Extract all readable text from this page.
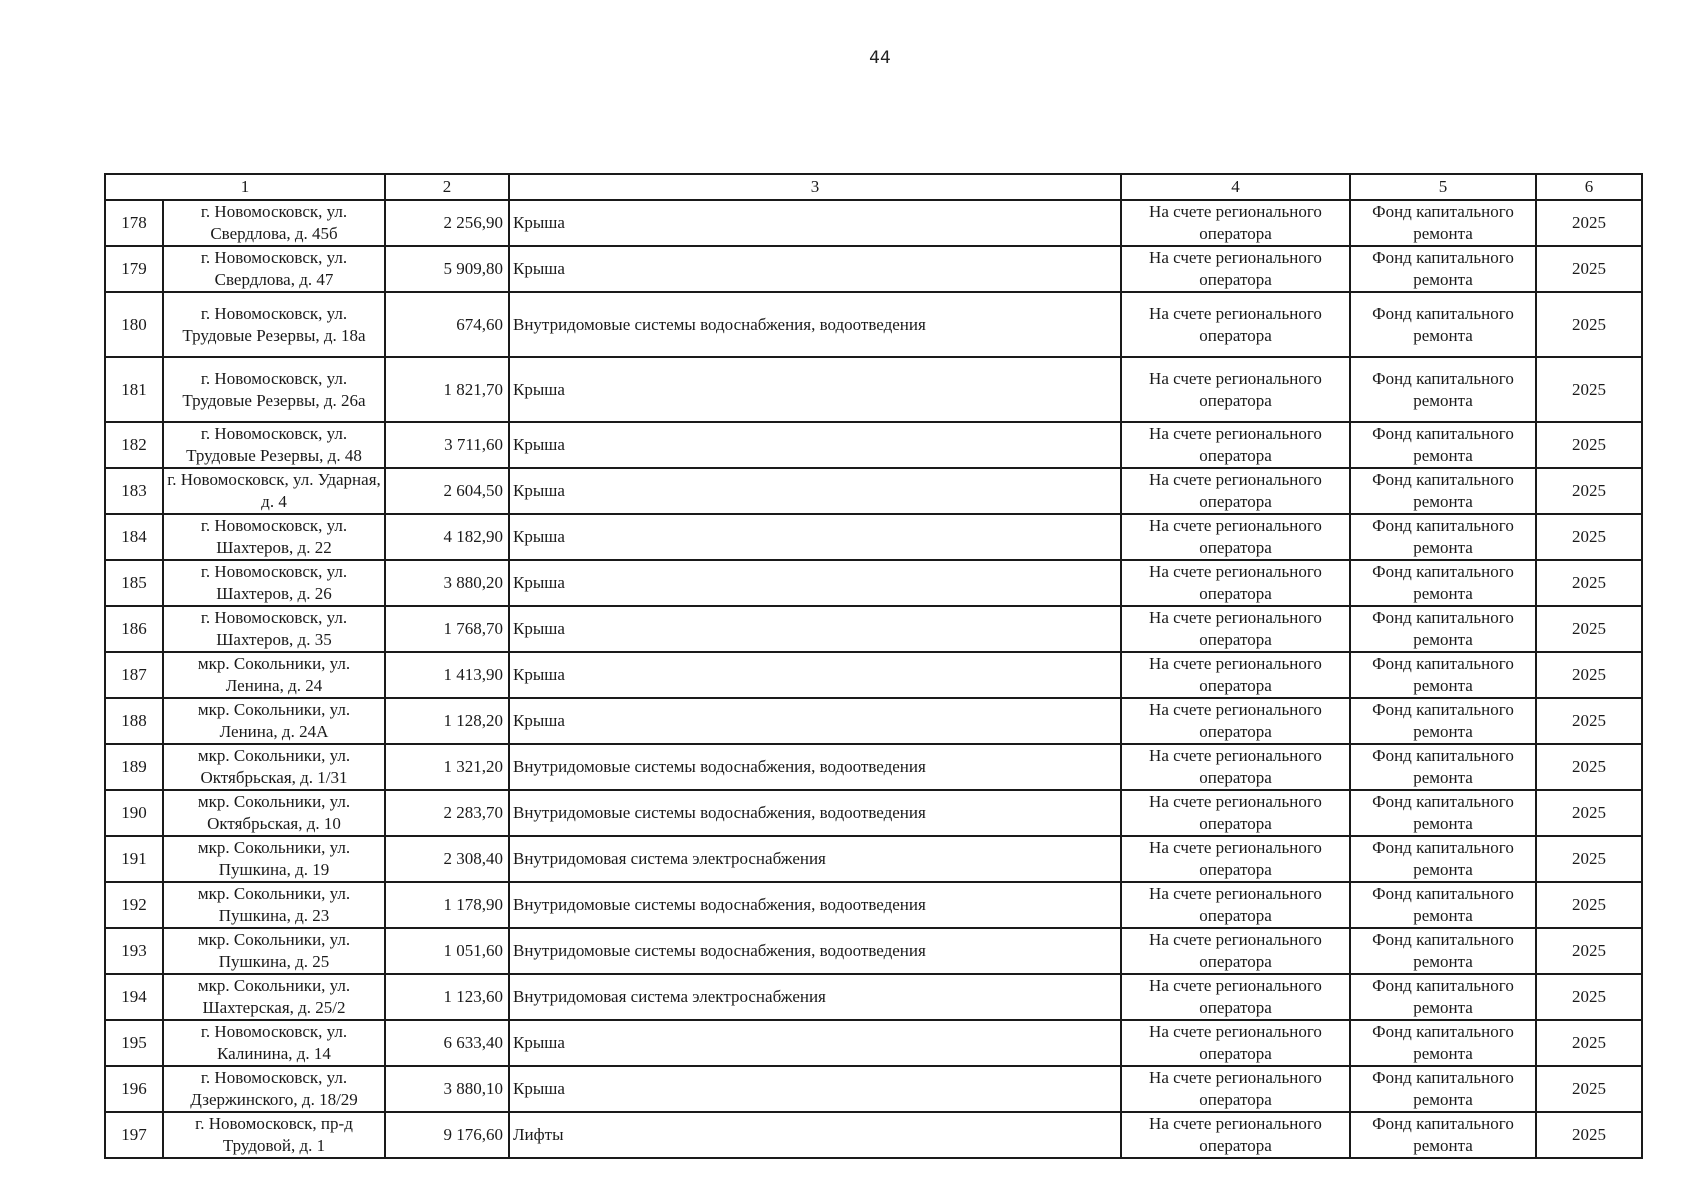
44
1		2	3	4	5	6
178	г. Новомосковск, ул. Свердлова, д. 45б	2 256,90	Крыша	На счете регионального оператора	Фонд капитального ремонта	2025
179	г. Новомосковск, ул. Свердлова, д. 47	5 909,80	Крыша	На счете регионального оператора	Фонд капитального ремонта	2025
180	г. Новомосковск, ул. Трудовые Резервы, д. 18а	674,60	Внутридомовые системы водоснабжения, водоотведения	На счете регионального оператора	Фонд капитального ремонта	2025
181	г. Новомосковск, ул. Трудовые Резервы, д. 26а	1 821,70	Крыша	На счете регионального оператора	Фонд капитального ремонта	2025
182	г. Новомосковск, ул. Трудовые Резервы, д. 48	3 711,60	Крыша	На счете регионального оператора	Фонд капитального ремонта	2025
183	г. Новомосковск, ул. Ударная, д. 4	2 604,50	Крыша	На счете регионального оператора	Фонд капитального ремонта	2025
184	г. Новомосковск, ул. Шахтеров, д. 22	4 182,90	Крыша	На счете регионального оператора	Фонд капитального ремонта	2025
185	г. Новомосковск, ул. Шахтеров, д. 26	3 880,20	Крыша	На счете регионального оператора	Фонд капитального ремонта	2025
186	г. Новомосковск, ул. Шахтеров, д. 35	1 768,70	Крыша	На счете регионального оператора	Фонд капитального ремонта	2025
187	мкр. Сокольники, ул. Ленина, д. 24	1 413,90	Крыша	На счете регионального оператора	Фонд капитального ремонта	2025
188	мкр. Сокольники, ул. Ленина, д. 24А	1 128,20	Крыша	На счете регионального оператора	Фонд капитального ремонта	2025
189	мкр. Сокольники, ул. Октябрьская, д. 1/31	1 321,20	Внутридомовые системы водоснабжения, водоотведения	На счете регионального оператора	Фонд капитального ремонта	2025
190	мкр. Сокольники, ул. Октябрьская, д. 10	2 283,70	Внутридомовые системы водоснабжения, водоотведения	На счете регионального оператора	Фонд капитального ремонта	2025
191	мкр. Сокольники, ул. Пушкина, д. 19	2 308,40	Внутридомовая система электроснабжения	На счете регионального оператора	Фонд капитального ремонта	2025
192	мкр. Сокольники, ул. Пушкина, д. 23	1 178,90	Внутридомовые системы водоснабжения, водоотведения	На счете регионального оператора	Фонд капитального ремонта	2025
193	мкр. Сокольники, ул. Пушкина, д. 25	1 051,60	Внутридомовые системы водоснабжения, водоотведения	На счете регионального оператора	Фонд капитального ремонта	2025
194	мкр. Сокольники, ул. Шахтерская, д. 25/2	1 123,60	Внутридомовая система электроснабжения	На счете регионального оператора	Фонд капитального ремонта	2025
195	г. Новомосковск, ул. Калинина, д. 14	6 633,40	Крыша	На счете регионального оператора	Фонд капитального ремонта	2025
196	г. Новомосковск, ул. Дзержинского, д. 18/29	3 880,10	Крыша	На счете регионального оператора	Фонд капитального ремонта	2025
197	г. Новомосковск, пр-д Трудовой, д. 1	9 176,60	Лифты	На счете регионального оператора	Фонд капитального ремонта	2025
